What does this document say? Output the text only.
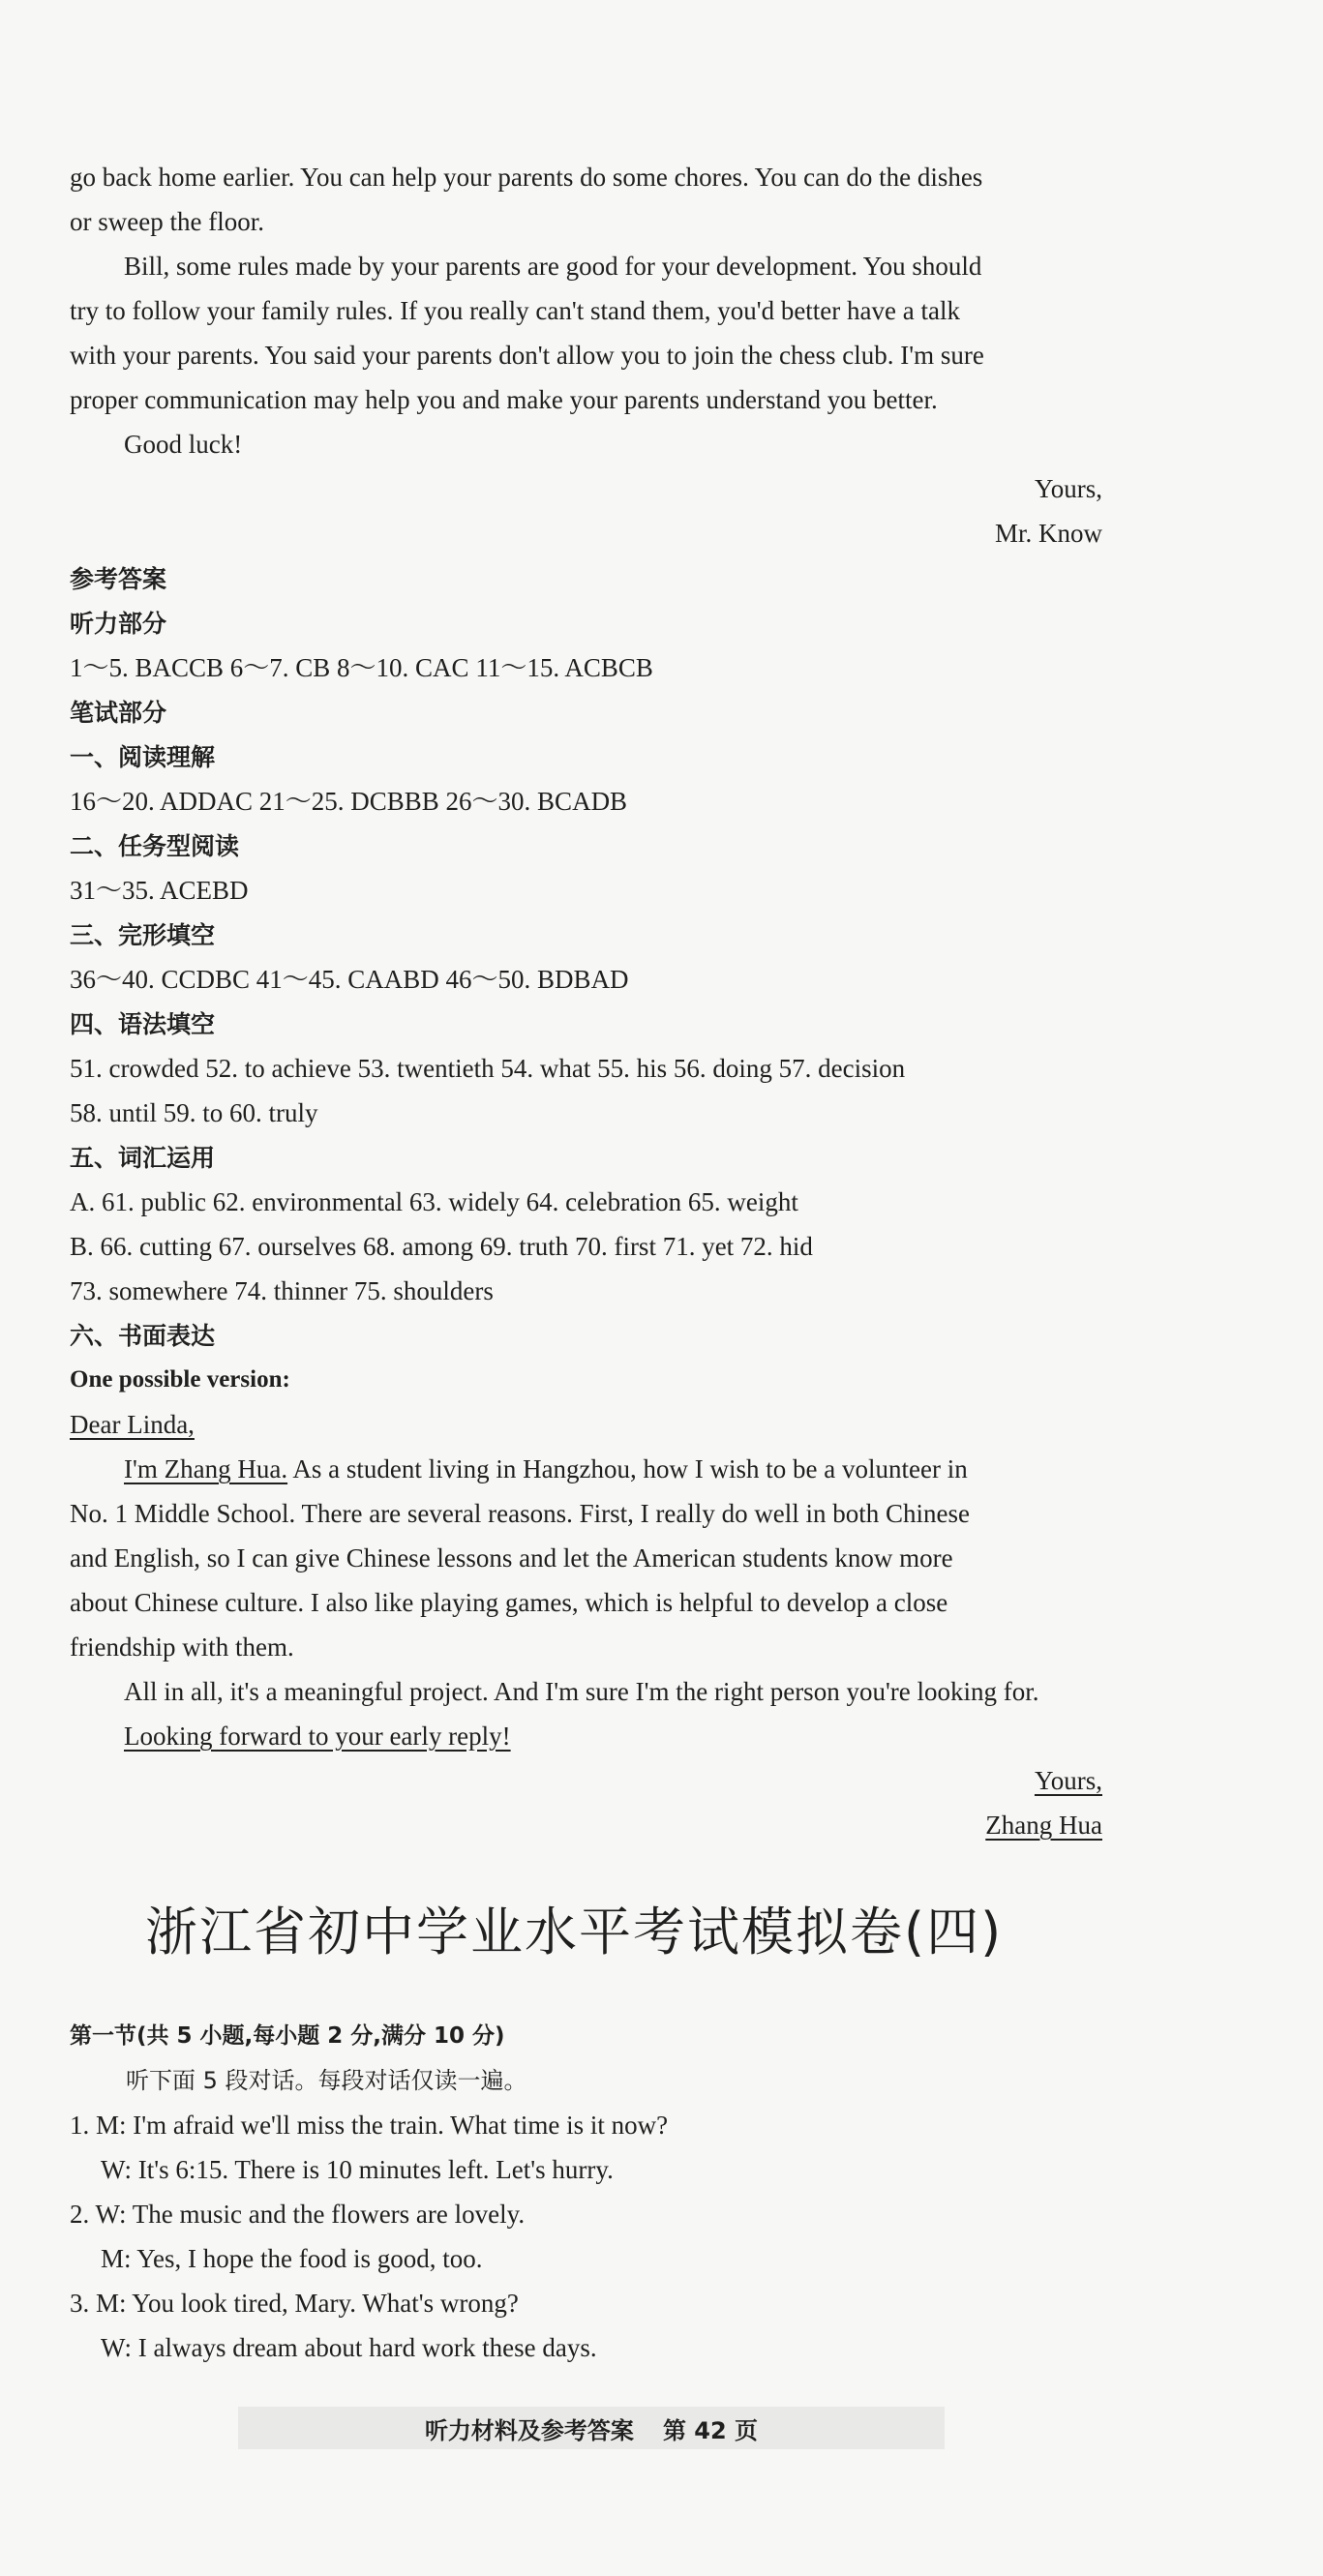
go back home earlier. You can help your parents do some chores. You can do the dishes
or sweep the floor.
Bill, some rules made by your parents are good for your development. You should
try to follow your family rules. If you really can't stand them, you'd better have a talk
with your parents. You said your parents don't allow you to join the chess club. I'm sure
proper communication may help you and make your parents understand you better.
Good luck!
Yours,
Mr. Know
参考答案
听力部分
1～5. BACCB 6～7. CB 8～10. CAC 11～15. ACBCB
笔试部分
一、阅读理解
16～20. ADDAC 21～25. DCBBB 26～30. BCADB
二、任务型阅读
31～35. ACEBD
三、完形填空
36～40. CCDBC 41～45. CAABD 46～50. BDBAD
四、语法填空
51. crowded 52. to achieve 53. twentieth 54. what 55. his 56. doing 57. decision
58. until 59. to 60. truly
五、词汇运用
A. 61. public 62. environmental 63. widely 64. celebration 65. weight
B. 66. cutting 67. ourselves 68. among 69. truth 70. first 71. yet 72. hid
73. somewhere 74. thinner 75. shoulders
六、书面表达
One possible version:
Dear Linda,
I'm Zhang Hua. As a student living in Hangzhou, how I wish to be a volunteer in
No. 1 Middle School. There are several reasons. First, I really do well in both Chinese
and English, so I can give Chinese lessons and let the American students know more
about Chinese culture. I also like playing games, which is helpful to develop a close
friendship with them.
All in all, it's a meaningful project. And I'm sure I'm the right person you're looking for.
Looking forward to your early reply!
Yours,
Zhang Hua
浙江省初中学业水平考试模拟卷(四)
第一节(共 5 小题,每小题 2 分,满分 10 分)
听下面 5 段对话。每段对话仅读一遍。
1. M: I'm afraid we'll miss the train. What time is it now?
W: It's 6:15. There is 10 minutes left. Let's hurry.
2. W: The music and the flowers are lovely.
M: Yes, I hope the food is good, too.
3. M: You look tired, Mary. What's wrong?
W: I always dream about hard work these days.
听力材料及参考答案 第 42 页
